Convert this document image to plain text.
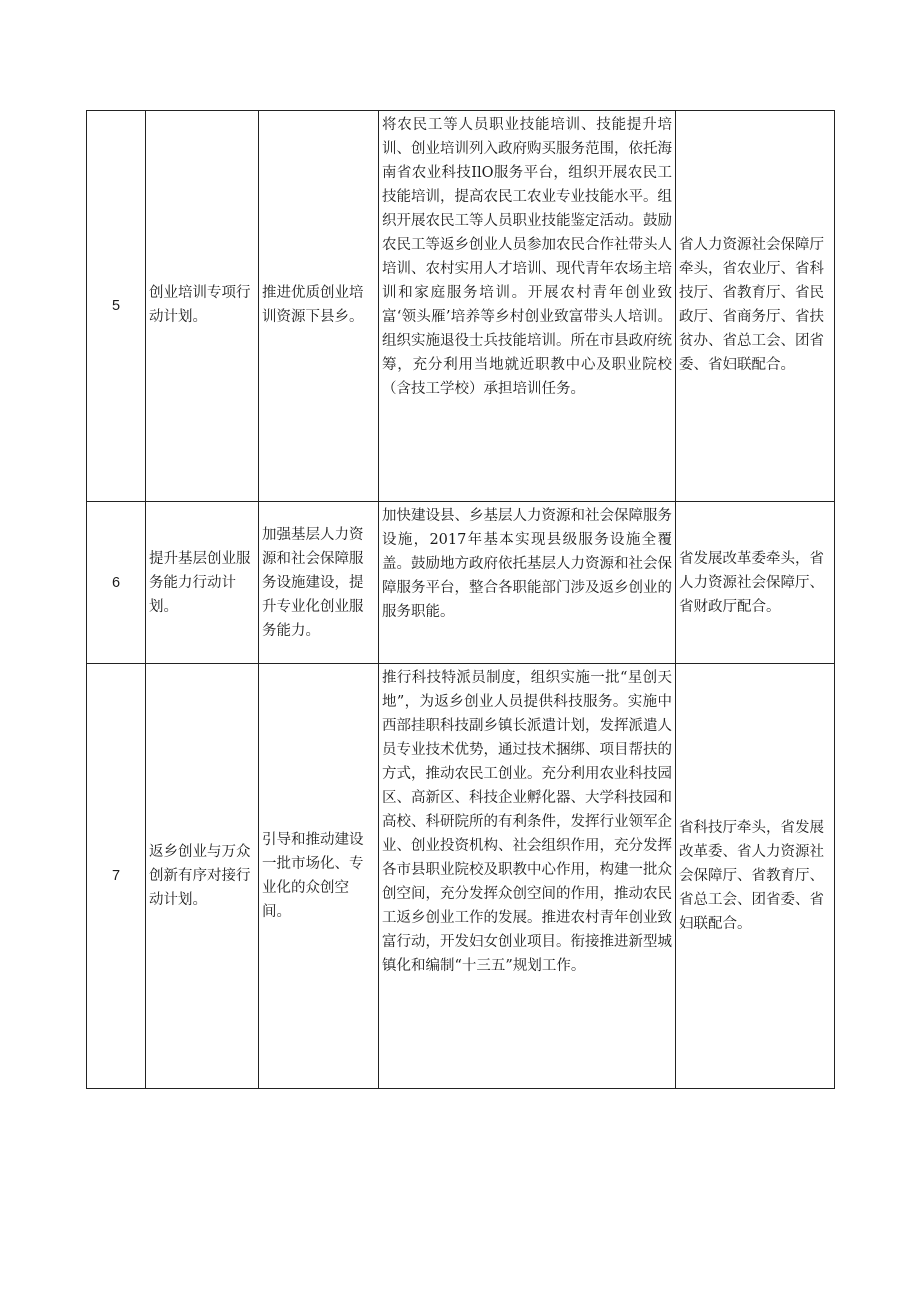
5	创业培训专项行动计划。	推进优质创业培训资源下县乡。	将农民工等人员职业技能培训、技能提升培训、创业培训列入政府购买服务范围，依托海南省农业科技IlO服务平台，组织开展农民工技能培训，提高农民工农业专业技能水平。组织开展农民工等人员职业技能鉴定活动。鼓励农民工等返乡创业人员参加农民合作社带头人培训、农村实用人才培训、现代青年农场主培训和家庭服务培训。开展农村青年创业致富‘领头雁’培养等乡村创业致富带头人培训。组织实施退役士兵技能培训。所在市县政府统筹，充分利用当地就近职教中心及职业院校（含技工学校）承担培训任务。	省人力资源社会保障厅牵头，省农业厅、省科技厅、省教育厅、省民政厅、省商务厅、省扶贫办、省总工会、团省委、省妇联配合。
6	提升基层创业服务能力行动计划。	加强基层人力资源和社会保障服务设施建设，提升专业化创业服务能力。	加快建设县、乡基层人力资源和社会保障服务设施，2017年基本实现县级服务设施全覆盖。鼓励地方政府依托基层人力资源和社会保障服务平台，整合各职能部门涉及返乡创业的服务职能。	省发展改革委牵头，省人力资源社会保障厅、省财政厅配合。
7	返乡创业与万众创新有序对接行动计划。	引导和推动建设一批市场化、专业化的众创空间。	推行科技特派员制度，组织实施一批“星创天地”，为返乡创业人员提供科技服务。实施中西部挂职科技副乡镇长派遣计划，发挥派遣人员专业技术优势，通过技术捆绑、项目帮扶的方式，推动农民工创业。充分利用农业科技园区、高新区、科技企业孵化器、大学科技园和高校、科研院所的有利条件，发挥行业领军企业、创业投资机构、社会组织作用，充分发挥各市县职业院校及职教中心作用，构建一批众创空间，充分发挥众创空间的作用，推动农民工返乡创业工作的发展。推进农村青年创业致富行动，开发妇女创业项目。衔接推进新型城镇化和编制“十三五”规划工作。	省科技厅牵头，省发展改革委、省人力资源社会保障厅、省教育厅、省总工会、团省委、省妇联配合。
